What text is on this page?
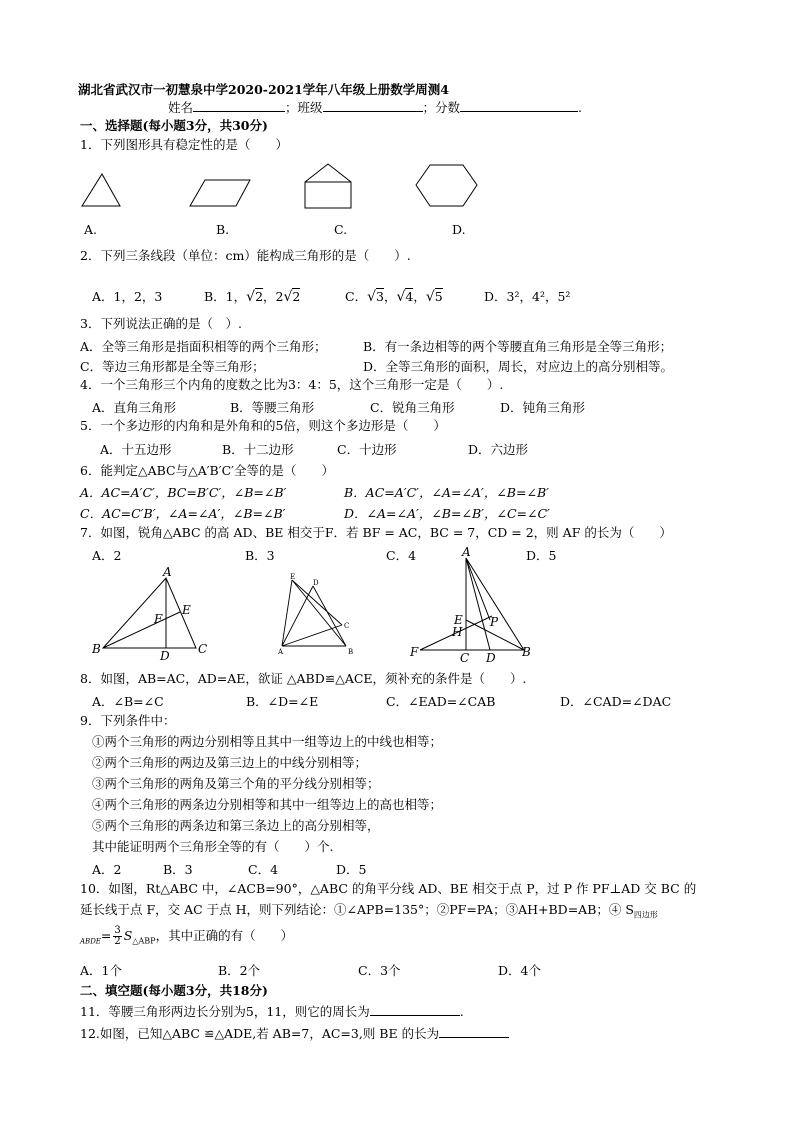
湖北省武汉市一初慧泉中学2020-2021学年八年级上册数学周测4
姓名	；班级	；分数	.
一、选择题(每小题3分，共30分)
1．下列图形具有稳定性的是（　　）
A.	B.	C.	D.
2．下列三条线段（单位：cm）能构成三角形的是（　　）.
A．1，2，3	B．1，√2，2√2	C．√3，√4，√5	D．3²，4²，5²
3．下列说法正确的是（　）.
A．全等三角形是指面积相等的两个三角形；	B．有一条边相等的两个等腰直角三角形是全等三角形；
C．等边三角形都是全等三角形；	D．全等三角形的面积，周长，对应边上的高分别相等。
4．一个三角形三个内角的度数之比为3：4：5，这个三角形一定是（　　）.
A．直角三角形	B．等腰三角形	C．锐角三角形	D．钝角三角形
5．一个多边形的内角和是外角和的5倍，则这个多边形是（　　）
A．十五边形	B．十二边形	C．十边形	D．六边形
6．能判定△ABC与△A′B′C′全等的是（　　）
A．AC=A′C′，BC=B′C′，∠B=∠B′	B．AC=A′C′，∠A=∠A′，∠B=∠B′
C．AC=C′B′，∠A=∠A′，∠B=∠B′	D．∠A=∠A′，∠B=∠B′，∠C=∠C′
7．如图，锐角△ABC 的高 AD、BE 相交于F．若 BF = AC，BC = 7，CD = 2，则 AF 的长为（　　）
A．2	B．3	C．4	D．5
A
E
F
B	D C
E
D
C
A	B
A
E
H
P
F	C D B
8．如图，AB=AC，AD=AE，欲证 △ABD≌△ACE，须补充的条件是（　　）.
A．∠B=∠C	B．∠D=∠E	C．∠EAD=∠CAB	D．∠CAD=∠DAC
9．下列条件中：
①两个三角形的两边分别相等且其中一组等边上的中线也相等；
②两个三角形的两边及第三边上的中线分别相等；
③两个三角形的两角及第三个角的平分线分别相等；
④两个三角形的两条边分别相等和其中一组等边上的高也相等；
⑤两个三角形的两条边和第三条边上的高分别相等，
其中能证明两个三角形全等的有（　　）个.
A．2	B．3	C．4	D．5
10．如图，Rt△ABC 中，∠ACB=90°，△ABC 的角平分线 AD、BE 相交于点 P，过 P 作 PF⊥AD 交 BC 的
延长线于点 F，交 AC 于点 H，则下列结论：①∠APB=135°；②PF=PA；③AH+BD=AB；④ $S_{四边形}$
$_{ABDE}= \frac{3}{2} S_{\triangle ABP}$，其中正确的有（　　）
A．1个	B．2个	C．3个	D．4个
二、填空题(每小题3分，共18分)
11．等腰三角形两边长分别为5，11，则它的周长为	.
12.如图，已知△ABC ≌△ADE,若 AB=7，AC=3,则 BE 的长为
